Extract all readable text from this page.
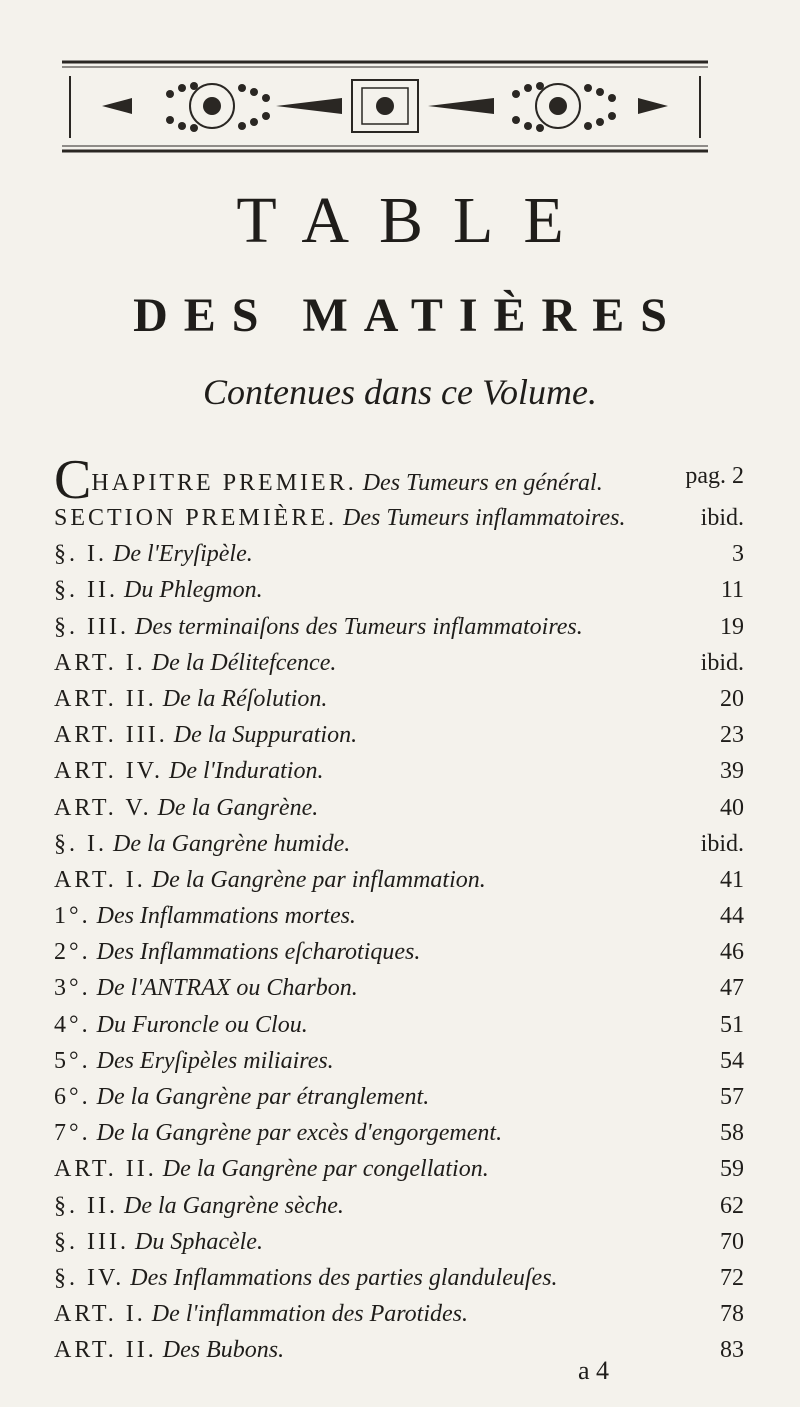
TABLE
DES MATIÈRES

Contenues dans ce Volume.

CHAPITRE PREMIER. Des Tumeurs en général.	pag. 2
SECTION PREMIÈRE. Des Tumeurs inflammatoires.	ibid.
§. I. De l'Eryſipèle.	3
§. II. Du Phlegmon.	11
§. III. Des terminaiſons des Tumeurs inflammatoires.	19
ART. I. De la Délitefcence.	ibid.
ART. II. De la Réſolution.	20
ART. III. De la Suppuration.	23
ART. IV. De l'Induration.	39
ART. V. De la Gangrène.	40
§. I. De la Gangrène humide.	ibid.
ART. I. De la Gangrène par inflammation.	41
1°. Des Inflammations mortes.	44
2°. Des Inflammations eſcharotiques.	46
3°. De l'ANTRAX ou Charbon.	47
4°. Du Furoncle ou Clou.	51
5°. Des Eryſipèles miliaires.	54
6°. De la Gangrène par étranglement.	57
7°. De la Gangrène par excès d'engorgement.	58
ART. II. De la Gangrène par congellation.	59
§. II. De la Gangrène sèche.	62
§. III. Du Sphacèle.	70
§. IV. Des Inflammations des parties glanduleuſes.	72
ART. I. De l'inflammation des Parotides.	78
ART. II. Des Bubons.	83

a 4
